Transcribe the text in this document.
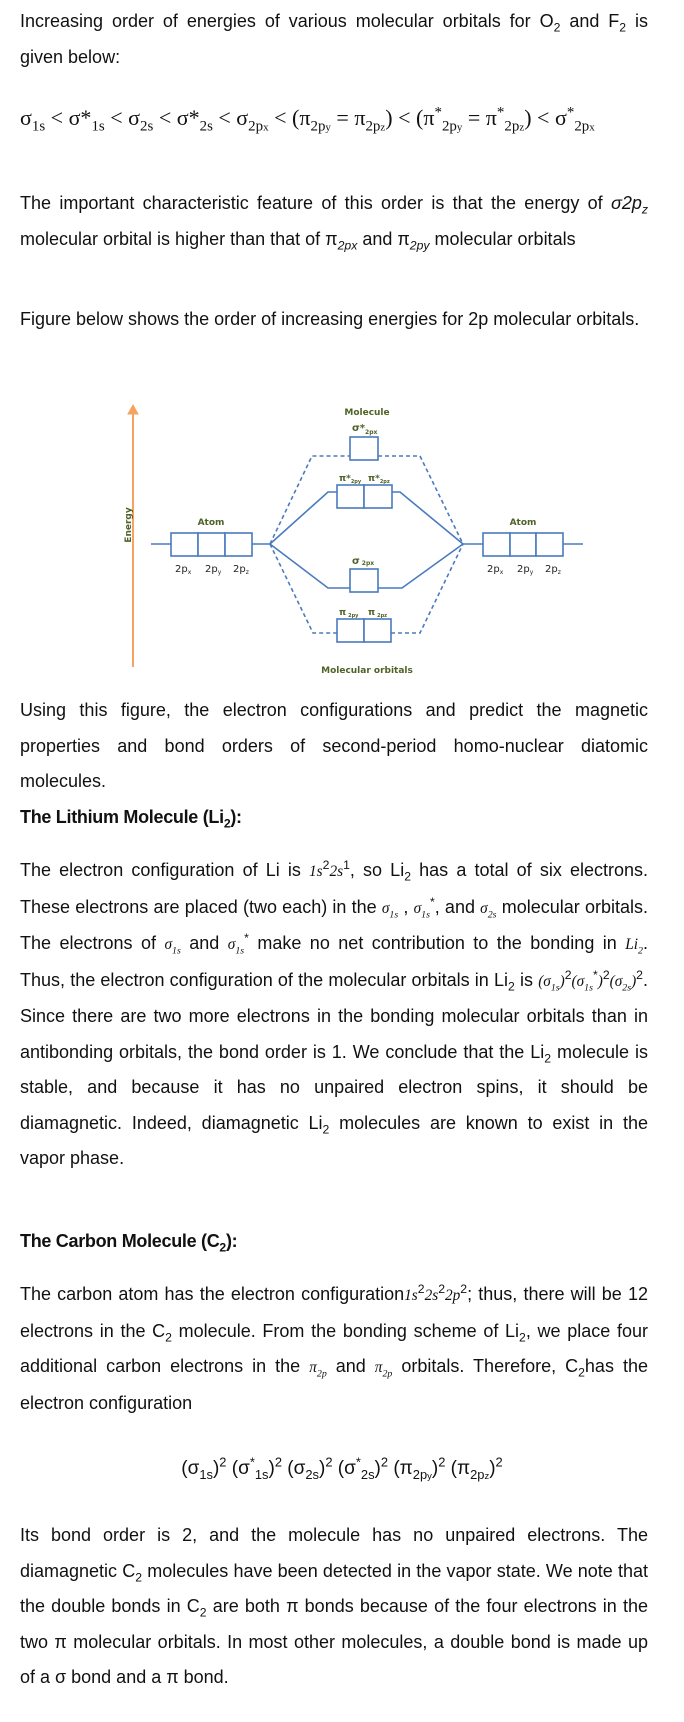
Increasing order of energies of various molecular orbitals for $O_2$ and $F_2$ is given below:
$\sigma_{1s} < \sigma*_{1s} < \sigma_{2s} < \sigma*_{2s} < \sigma_{2px} < (\pi_{2py} = \pi_{2pz}) < (\pi^*_{2py} = \pi^*_{2pz}) < \sigma^*_{2px}$
The important characteristic feature of this order is that the energy of $\sigma 2p_z$ molecular orbital is higher than that of $\pi_{2px}$ and $\pi_{2py}$ molecular orbitals
Figure below shows the order of increasing energies for 2p molecular orbitals.
Energy
Molecule
$\sigma*_{2px}$
$\pi*_{2py}$ $\pi*_{2pz}$
Atom	Atom
σ 2px
π $_{2py}$ π $_{2pz}$
Molecular orbitals
$2p_x$ $2p_y$ $2p_z$	$2p_x$ $2p_y$ $2p_z$
Using this figure, the electron configurations and predict the magnetic properties and bond orders of second-period homo-nuclear diatomic molecules.
The Lithium Molecule $(Li_2)$:
The electron configuration of Li is $1s^22s^1$, so $Li_2$ has a total of six electrons. These electrons are placed (two each) in the $\sigma_{1s}$ , $\sigma_{1s}^*$, and $\sigma_{2s}$ molecular orbitals. The electrons of $\sigma_{1s}$ and $\sigma_{1s}^*$ make no net contribution to the bonding in $Li_2$. Thus, the electron configuration of the molecular orbitals in $Li_2$ is $(\sigma_{1s})^2(\sigma_{1s}^*)^2(\sigma_{2s})^2$. Since there are two more electrons in the bonding molecular orbitals than in antibonding orbitals, the bond order is 1. We conclude that the $Li_2$ molecule is stable, and because it has no unpaired electron spins, it should be diamagnetic. Indeed, diamagnetic $Li_2$ molecules are known to exist in the vapor phase.
The Carbon Molecule $(C_2)$:
The carbon atom has the electron $configuration1s^22s^22p^2$; thus, there will be 12 electrons in the $C_2$ molecule. From the bonding scheme of $Li_2$, we place four additional carbon electrons in the $\pi_{2p}$ and $\pi_{2p}$ orbitals. Therefore, $C_2has$ the electron configuration
$(\sigma_{1s})^2$ $(\sigma^*_{1s})^2$ $(\sigma_{2s})^2$ $(\sigma^*_{2s})^2$ $(\pi_{2py})^2$ $(\pi_{2pz})^2$
Its bond order is 2, and the molecule has no unpaired electrons. The diamagnetic $C_2$ molecules have been detected in the vapor state. We note that the double bonds in $C_2$ are both π bonds because of the four electrons in the two π molecular orbitals. In most other molecules, a double bond is made up of a σ bond and a π bond.
